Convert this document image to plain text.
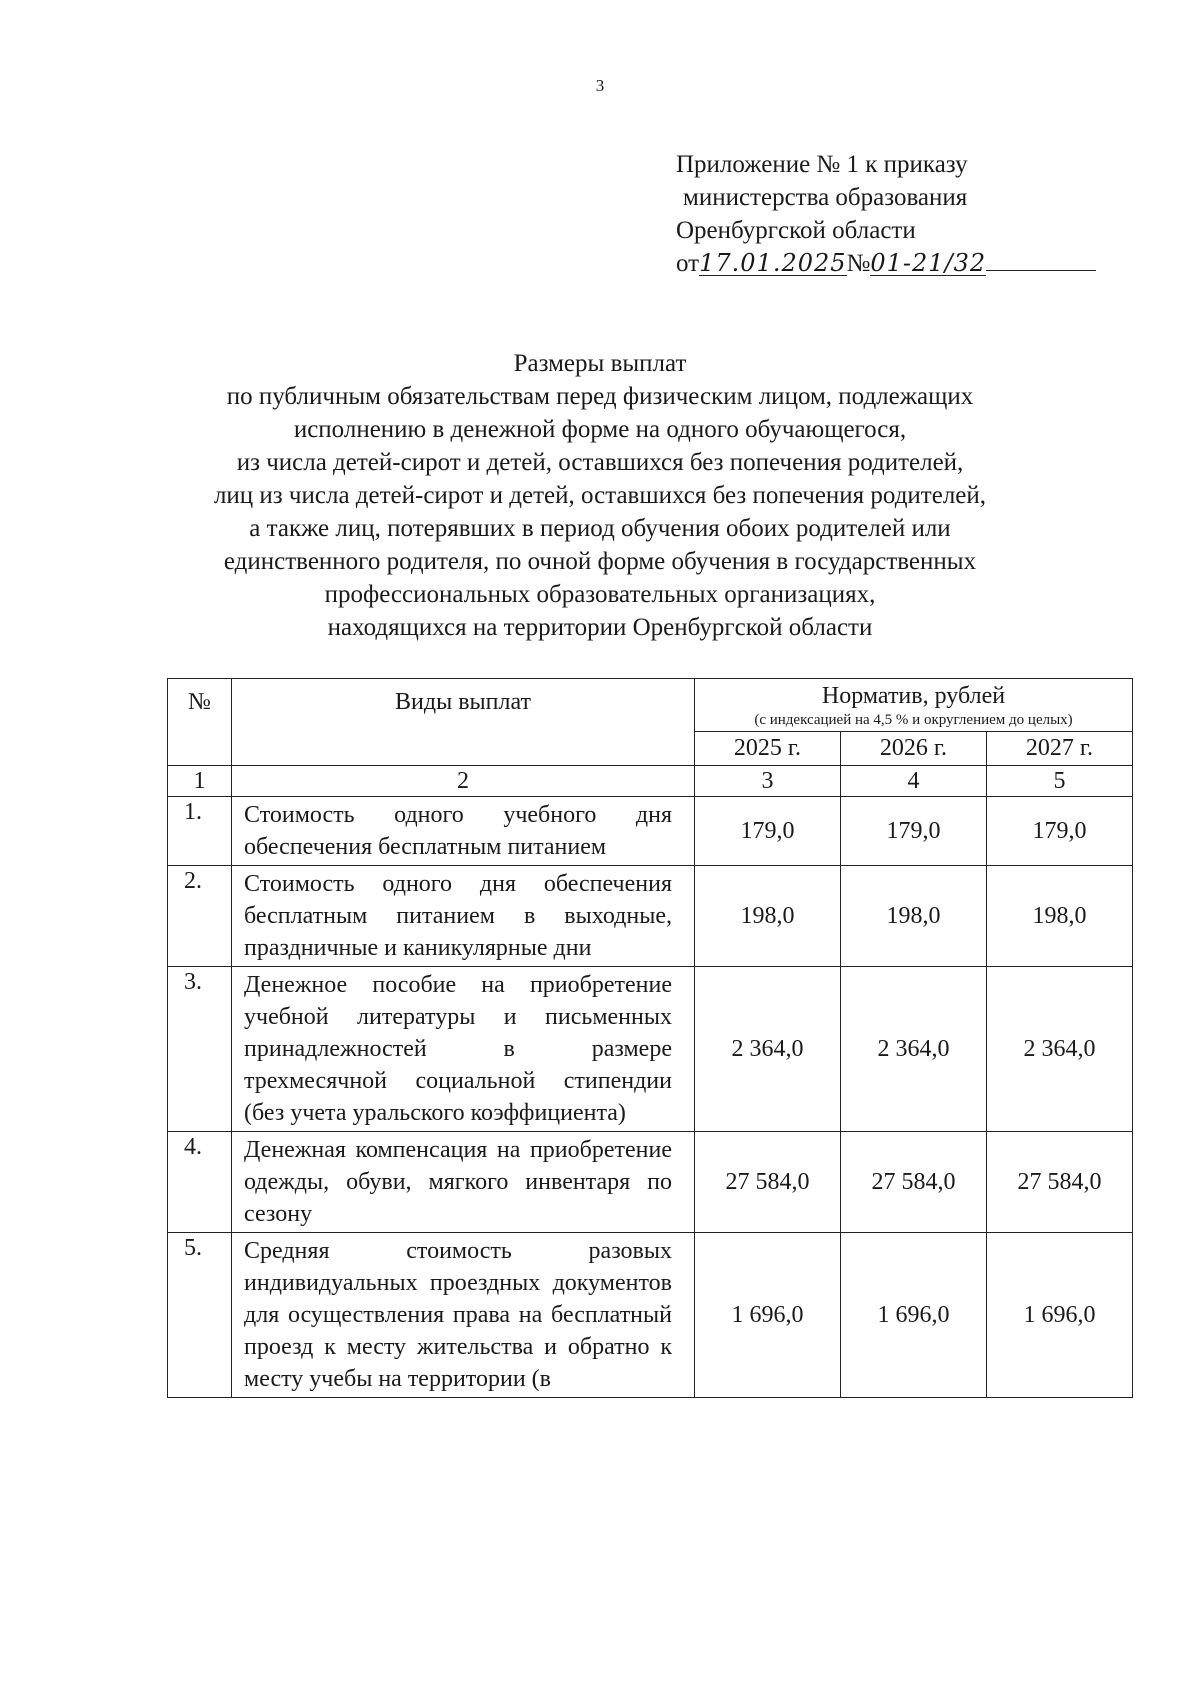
3
Приложение № 1 к приказу
министерства образования
Оренбургской области
от17.01.2025№01-21/32
Размеры выплат
по публичным обязательствам перед физическим лицом, подлежащих
исполнению в денежной форме на одного обучающегося,
из числа детей-сирот и детей, оставшихся без попечения родителей,
лиц из числа детей-сирот и детей, оставшихся без попечения родителей,
а также лиц, потерявших в период обучения обоих родителей или
единственного родителя, по очной форме обучения в государственных
профессиональных образовательных организациях,
находящихся на территории Оренбургской области
№	Виды выплат	Норматив, рублей
(с индексацией на 4,5 % и округлением до целых)		

		2025 г.	2026 г.	2027 г.
1	2	3	4	5
1.	Стоимость одного учебного дня обеспечения бесплатным питанием	179,0	179,0	179,0
2.	Стоимость одного дня обеспечения бесплатным питанием в выходные, праздничные и каникулярные дни	198,0	198,0	198,0
3.	Денежное пособие на приобретение учебной литературы и письменных принадлежностей в размере трехмесячной социальной стипендии (без учета уральского коэффициента)	2 364,0	2 364,0	2 364,0
4.	Денежная компенсация на приобретение одежды, обуви, мягкого инвентаря по сезону	27 584,0	27 584,0	27 584,0
5.	Средняя стоимость разовых индивидуальных проездных документов для осуществления права на бесплатный проезд к месту жительства и обратно к месту учебы на территории (в	1 696,0	1 696,0	1 696,0
